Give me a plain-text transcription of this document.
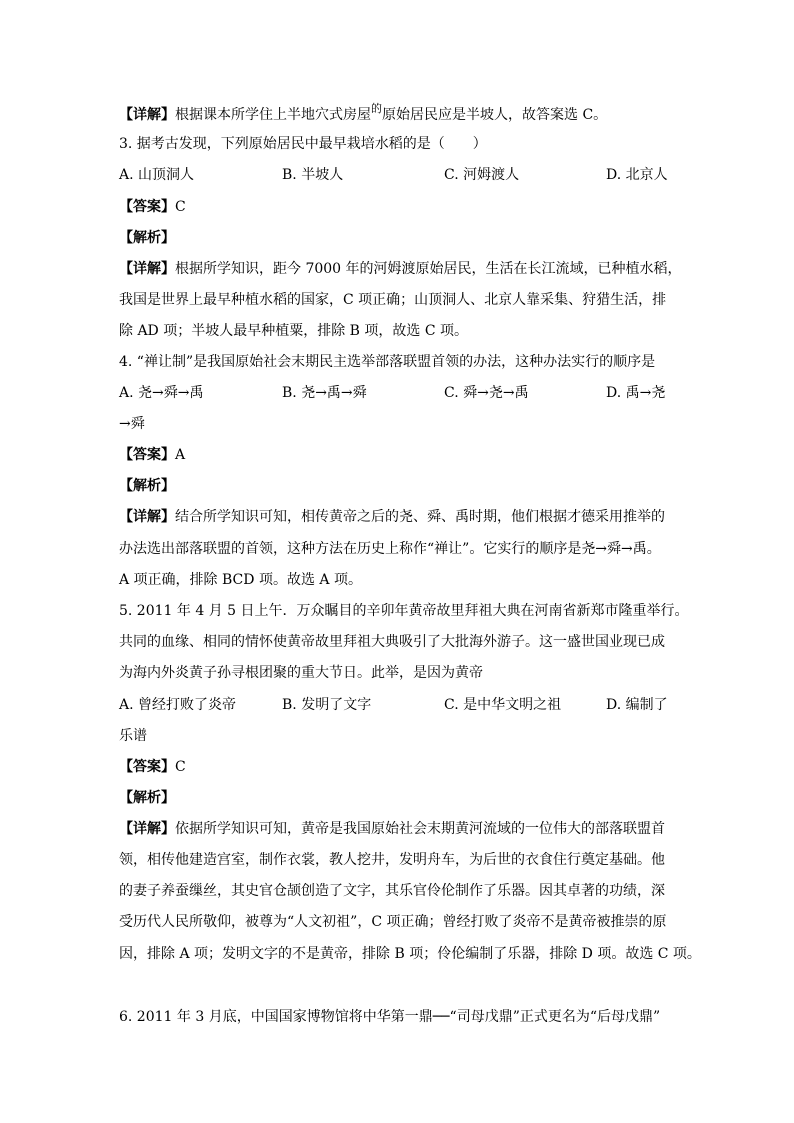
【详解】根据课本所学住上半地穴式房屋$^的$原始居民应是半坡人，故答案选 C。
3. 据考古发现，下列原始居民中最早栽培水稻的是（　　）
A. 山顶洞人	B. 半坡人	C. 河姆渡人	D. 北京人
【答案】C
【解析】
【详解】根据所学知识，距今 7000 年的河姆渡原始居民，生活在长江流域，已种植水稻，
我国是世界上最早种植水稻的国家，C 项正确；山顶洞人、北京人靠采集、狩猎生活，排
除 AD 项；半坡人最早种植粟，排除 B 项，故选 C 项。
4. “禅让制”是我国原始社会末期民主选举部落联盟首领的办法，这种办法实行的顺序是
A. 尧→舜→禹	B. 尧→禹→舜	C. 舜→尧→禹	D. 禹→尧
→舜
【答案】A
【解析】
【详解】结合所学知识可知，相传黄帝之后的尧、舜、禹时期，他们根据才德采用推举的
办法选出部落联盟的首领，这种方法在历史上称作“禅让”。它实行的顺序是尧→舜→禹。
A 项正确，排除 BCD 项。故选 A 项。
5. 2011 年 4 月 5 日上午．万众瞩目的辛卯年黄帝故里拜祖大典在河南省新郑市隆重举行。
共同的血缘、相同的情怀使黄帝故里拜祖大典吸引了大批海外游子。这一盛世国业现已成
为海内外炎黄子孙寻根团聚的重大节日。此举，是因为黄帝
A. 曾经打败了炎帝	B. 发明了文字	C. 是中华文明之祖	D. 编制了
乐谱
【答案】C
【解析】
【详解】依据所学知识可知，黄帝是我国原始社会末期黄河流域的一位伟大的部落联盟首
领，相传他建造宫室，制作衣裳，教人挖井，发明舟车，为后世的衣食住行奠定基础。他
的妻子养蚕缫丝，其史官仓颉创造了文字，其乐官伶伦制作了乐器。因其卓著的功绩，深
受历代人民所敬仰，被尊为“人文初祖”，C 项正确；曾经打败了炎帝不是黄帝被推崇的原
因，排除 A 项；发明文字的不是黄帝，排除 B 项；伶伦编制了乐器，排除 D 项。故选 C 项。
6. 2011 年 3 月底，中国国家博物馆将中华第一鼎──“司母戊鼎”正式更名为“后母戊鼎”
